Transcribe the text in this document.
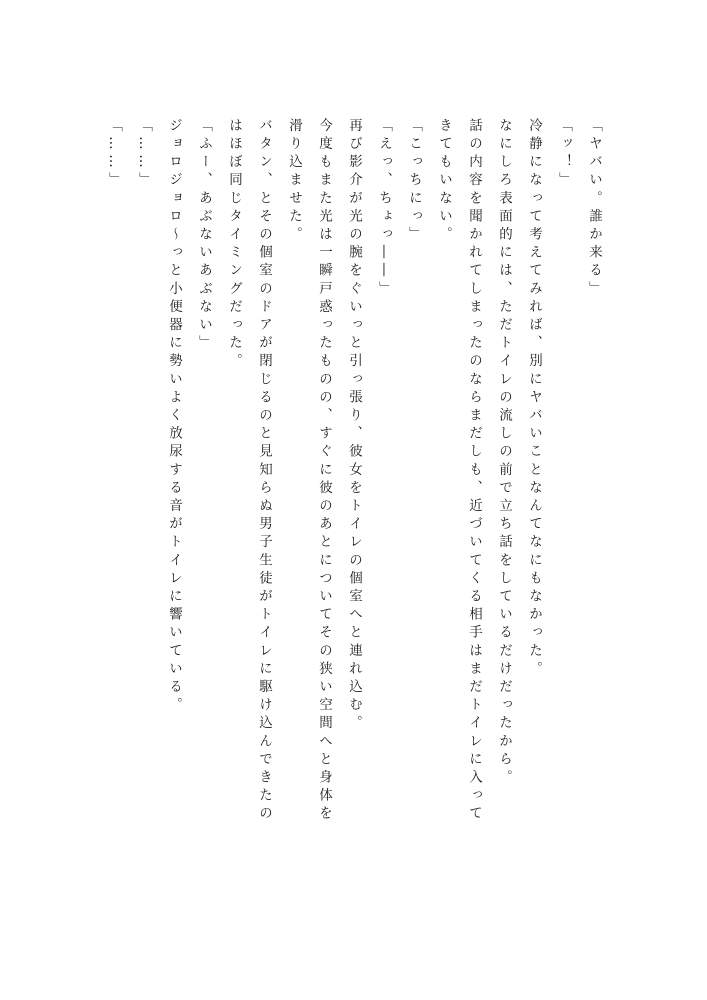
「ヤバい。誰か来る」
「ッ！」
冷静になって考えてみれば、別にヤバいことなんてなにもなかった。
なにしろ表面的には、ただトイレの流しの前で立ち話をしているだけだったから。
話の内容を聞かれてしまったのならまだしも、近づいてくる相手はまだトイレに入って
きてもいない。
「こっちにっ」
「えっ、ちょっ――」
再び影介が光の腕をぐいっと引っ張り、彼女をトイレの個室へと連れ込む。
今度もまた光は一瞬戸惑ったものの、すぐに彼のあとについてその狭い空間へと身体を
滑り込ませた。
バタン、とその個室のドアが閉じるのと見知らぬ男子生徒がトイレに駆け込んできたの
はほぼ同じタイミングだった。
「ふー、あぶないあぶない」
ジョロジョロ～っと小便器に勢いよく放尿する音がトイレに響いている。
「……」
「……」
